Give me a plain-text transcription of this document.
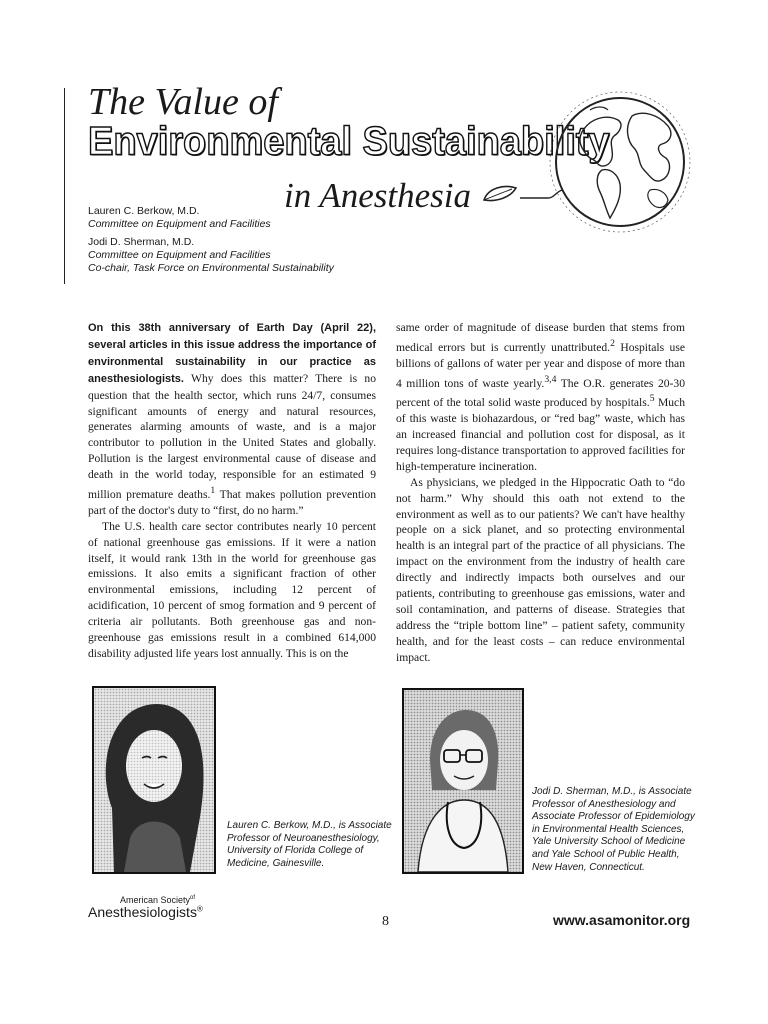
The Value of
Environmental Sustainability
in Anesthesia
Lauren C. Berkow, M.D.
Committee on Equipment and Facilities
Jodi D. Sherman, M.D.
Committee on Equipment and Facilities
Co-chair, Task Force on Environmental Sustainability

On this 38th anniversary of Earth Day (April 22), several articles in this issue address the importance of environmental sustainability in our practice as anesthesiologists. Why does this matter? There is no question that the health sector, which runs 24/7, consumes significant amounts of energy and natural resources, generates alarming amounts of waste, and is a major contributor to pollution in the United States and globally. Pollution is the largest environmental cause of disease and death in the world today, responsible for an estimated 9 million premature deaths.$^1$ That makes pollution prevention part of the doctor's duty to “first, do no harm.”

The U.S. health care sector contributes nearly 10 percent of national greenhouse gas emissions. If it were a nation itself, it would rank 13th in the world for greenhouse gas emissions. It also emits a significant fraction of other environmental emissions, including 12 percent of acidification, 10 percent of smog formation and 9 percent of criteria air pollutants. Both greenhouse gas and non-greenhouse gas emissions result in a combined 614,000 disability adjusted life years lost annually. This is on the

same order of magnitude of disease burden that stems from medical errors but is currently unattributed.$^2$ Hospitals use billions of gallons of water per year and dispose of more than 4 million tons of waste yearly.$^{3,4}$ The O.R. generates 20-30 percent of the total solid waste produced by hospitals.$^5$ Much of this waste is biohazardous, or “red bag” waste, which has an increased financial and pollution cost for disposal, as it requires long-distance transportation to approved facilities for high-temperature incineration.

As physicians, we pledged in the Hippocratic Oath to “do not harm.” Why should this oath not extend to the environment as well as to our patients? We can't have healthy people on a sick planet, and so protecting environmental health is an integral part of the practice of all physicians. The impact on the environment from the industry of health care directly and indirectly impacts both ourselves and our patients, contributing to greenhouse gas emissions, water and soil contamination, and patterns of disease. Strategies that address the “triple bottom line” – patient safety, community health, and for the least costs – can reduce environmental impact.

Lauren C. Berkow, M.D., is Associate
Professor of Neuroanesthesiology,
University of Florida College of
Medicine, Gainesville.
Jodi D. Sherman, M.D., is Associate
Professor of Anesthesiology and
Associate Professor of Epidemiology
in Environmental Health Sciences,
Yale University School of Medicine
and Yale School of Public Health,
New Haven, Connecticut.
American Society$^{of}$
Anesthesiologists®
8	www.asamonitor.org
